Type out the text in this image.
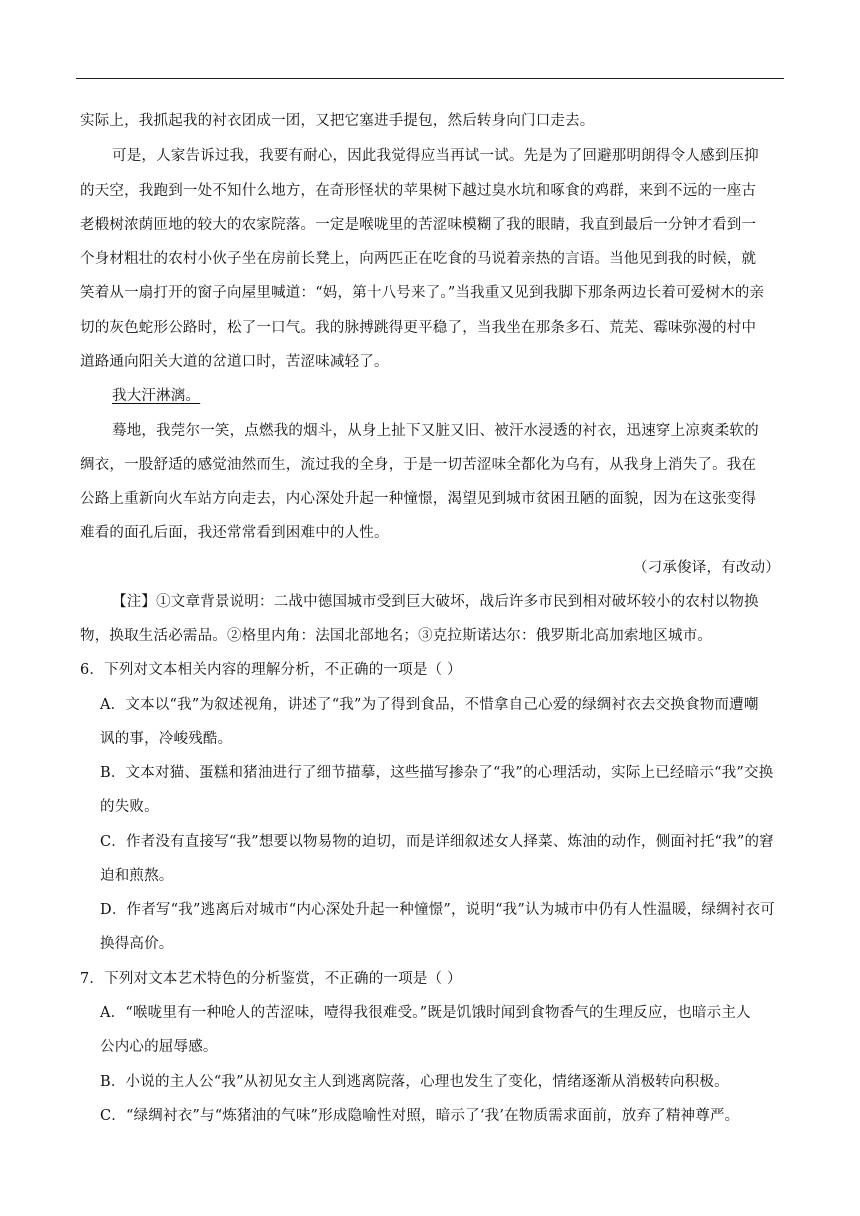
实际上，我抓起我的衬衣团成一团，又把它塞进手提包，然后转身向门口走去。
可是，人家告诉过我，我要有耐心，因此我觉得应当再试一试。先是为了回避那明朗得令人感到压抑
的天空，我跑到一处不知什么地方，在奇形怪状的苹果树下越过臭水坑和啄食的鸡群，来到不远的一座古
老椴树浓荫匝地的较大的农家院落。一定是喉咙里的苦涩味模糊了我的眼睛，我直到最后一分钟才看到一
个身材粗壮的农村小伙子坐在房前长凳上，向两匹正在吃食的马说着亲热的言语。当他见到我的时候，就
笑着从一扇打开的窗子向屋里喊道：“妈，第十八号来了。”当我重又见到我脚下那条两边长着可爱树木的亲
切的灰色蛇形公路时，松了一口气。我的脉搏跳得更平稳了，当我坐在那条多石、荒芜、霉味弥漫的村中
道路通向阳关大道的岔道口时，苦涩味减轻了。
我大汗淋漓。
蓦地，我莞尔一笑，点燃我的烟斗，从身上扯下又脏又旧、被汗水浸透的衬衣，迅速穿上凉爽柔软的
绸衣，一股舒适的感觉油然而生，流过我的全身，于是一切苦涩味全都化为乌有，从我身上消失了。我在
公路上重新向火车站方向走去，内心深处升起一种憧憬，渴望见到城市贫困丑陋的面貌，因为在这张变得
难看的面孔后面，我还常常看到困难中的人性。
（刁承俊译，有改动）
【注】①文章背景说明：二战中德国城市受到巨大破坏，战后许多市民到相对破坏较小的农村以物换
物，换取生活必需品。②格里内角：法国北部地名；③克拉斯诺达尔：俄罗斯北高加索地区城市。
6．下列对文本相关内容的理解分析，不正确的一项是（ ）
A．文本以“我”为叙述视角，讲述了“我”为了得到食品，不惜拿自己心爱的绿绸衬衣去交换食物而遭嘲
讽的事，冷峻残酷。
B．文本对猫、蛋糕和猪油进行了细节描摹，这些描写掺杂了“我”的心理活动，实际上已经暗示“我”交换
的失败。
C．作者没有直接写“我”想要以物易物的迫切，而是详细叙述女人择菜、炼油的动作，侧面衬托“我”的窘
迫和煎熬。
D．作者写“我”逃离后对城市“内心深处升起一种憧憬”，说明“我”认为城市中仍有人性温暖，绿绸衬衣可
换得高价。
7．下列对文本艺术特色的分析鉴赏，不正确的一项是（ ）
A．“喉咙里有一种呛人的苦涩味，噎得我很难受。”既是饥饿时闻到食物香气的生理反应，也暗示主人
公内心的屈辱感。
B．小说的主人公“我”从初见女主人到逃离院落，心理也发生了变化，情绪逐渐从消极转向积极。
C．“绿绸衬衣”与“炼猪油的气味”形成隐喻性对照，暗示了‘我’在物质需求面前，放弃了精神尊严。
